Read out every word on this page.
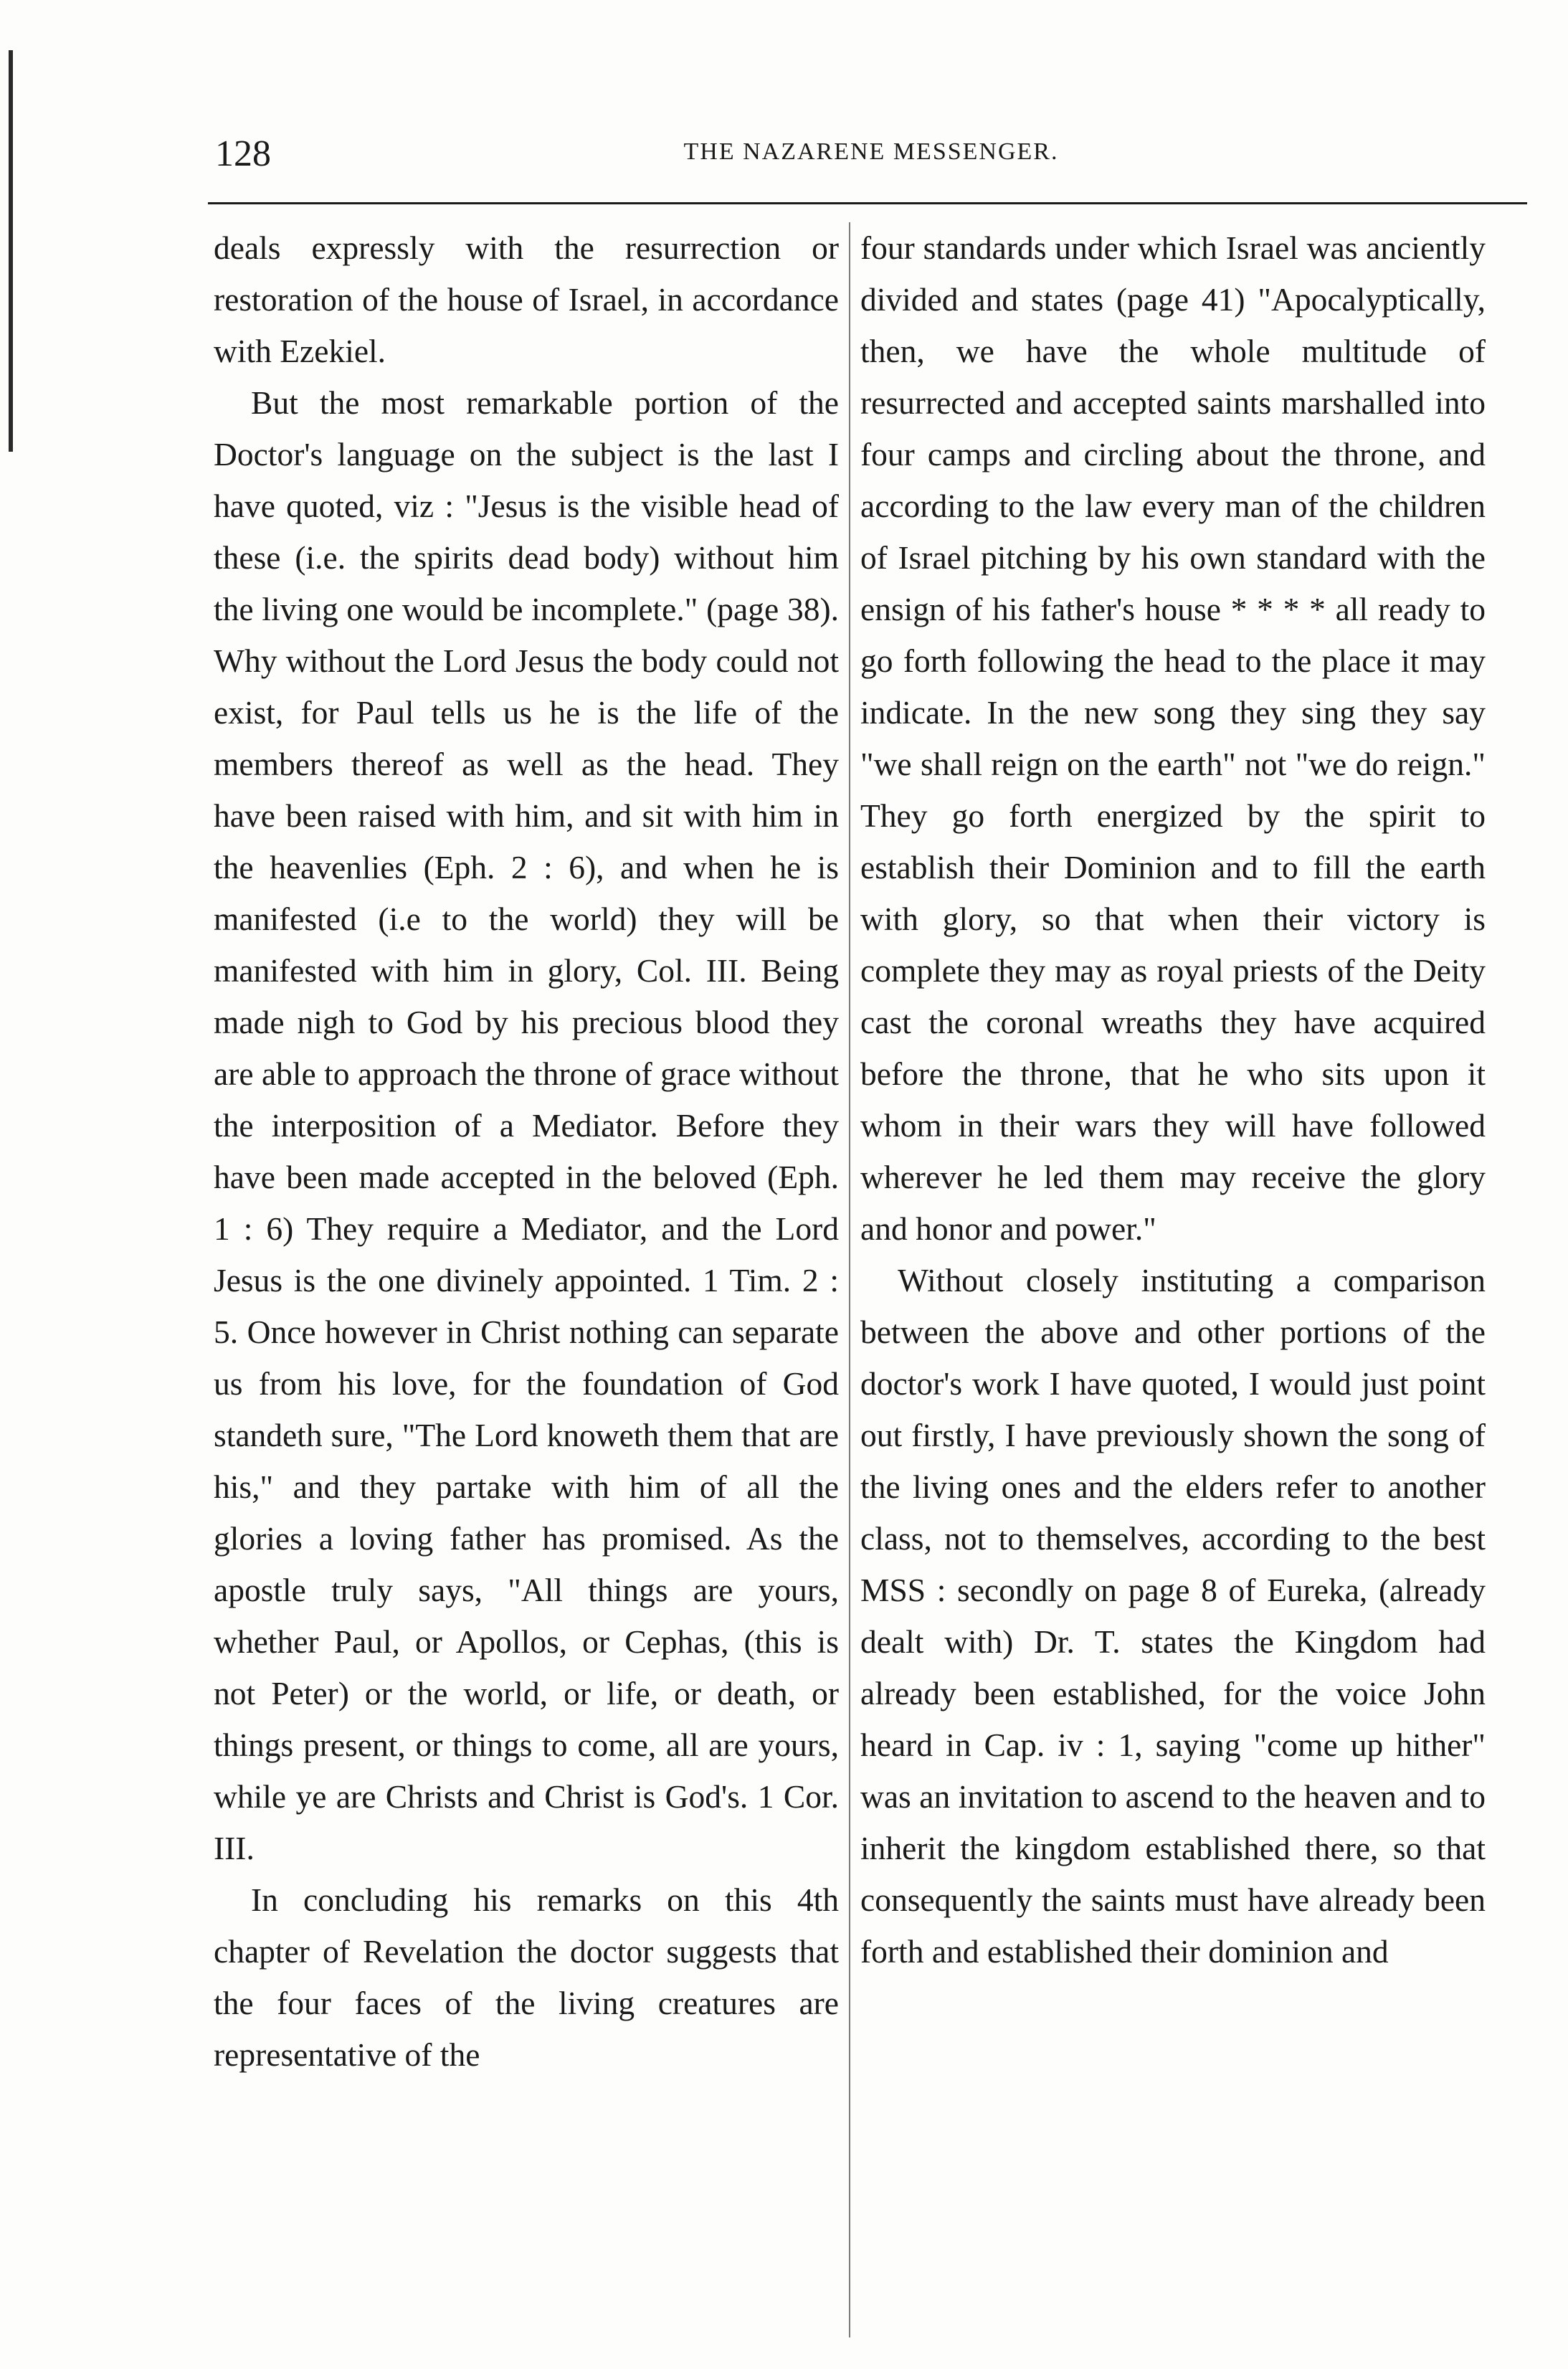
128	THE NAZARENE MESSENGER.

deals expressly with the resurrection or restoration of the house of Israel, in accordance with Ezekiel.

But the most remarkable portion of the Doctor's language on the subject is the last I have quoted, viz : "Jesus is the visible head of these (i.e. the spirits dead body) without him the living one would be incomplete." (page 38). Why without the Lord Jesus the body could not exist, for Paul tells us he is the life of the members thereof as well as the head. They have been raised with him, and sit with him in the heavenlies (Eph. 2 : 6), and when he is manifested (i.e to the world) they will be manifested with him in glory, Col. III. Being made nigh to God by his precious blood they are able to approach the throne of grace without the interposition of a Mediator. Before they have been made accepted in the beloved (Eph. 1 : 6) They require a Mediator, and the Lord Jesus is the one divinely appointed. 1 Tim. 2 : 5. Once however in Christ nothing can separate us from his love, for the foundation of God standeth sure, "The Lord knoweth them that are his," and they partake with him of all the glories a loving father has promised. As the apostle truly says, "All things are yours, whether Paul, or Apollos, or Cephas, (this is not Peter) or the world, or life, or death, or things present, or things to come, all are yours, while ye are Christs and Christ is God's. 1 Cor. III.

In concluding his remarks on this 4th chapter of Revelation the doctor suggests that the four faces of the living creatures are representative of the

four standards under which Israel was anciently divided and states (page 41) "Apocalyptically, then, we have the whole multitude of resurrected and accepted saints marshalled into four camps and circling about the throne, and according to the law every man of the children of Israel pitching by his own standard with the ensign of his father's house * * * * all ready to go forth following the head to the place it may indicate. In the new song they sing they say "we shall reign on the earth" not "we do reign." They go forth energized by the spirit to establish their Dominion and to fill the earth with glory, so that when their victory is complete they may as royal priests of the Deity cast the coronal wreaths they have acquired before the throne, that he who sits upon it whom in their wars they will have followed wherever he led them may receive the glory and honor and power."

Without closely instituting a comparison between the above and other portions of the doctor's work I have quoted, I would just point out firstly, I have previously shown the song of the living ones and the elders refer to another class, not to themselves, according to the best MSS : secondly on page 8 of Eureka, (already dealt with) Dr. T. states the Kingdom had already been established, for the voice John heard in Cap. iv : 1, saying "come up hither" was an invitation to ascend to the heaven and to inherit the kingdom established there, so that consequently the saints must have already been forth and established their dominion and
